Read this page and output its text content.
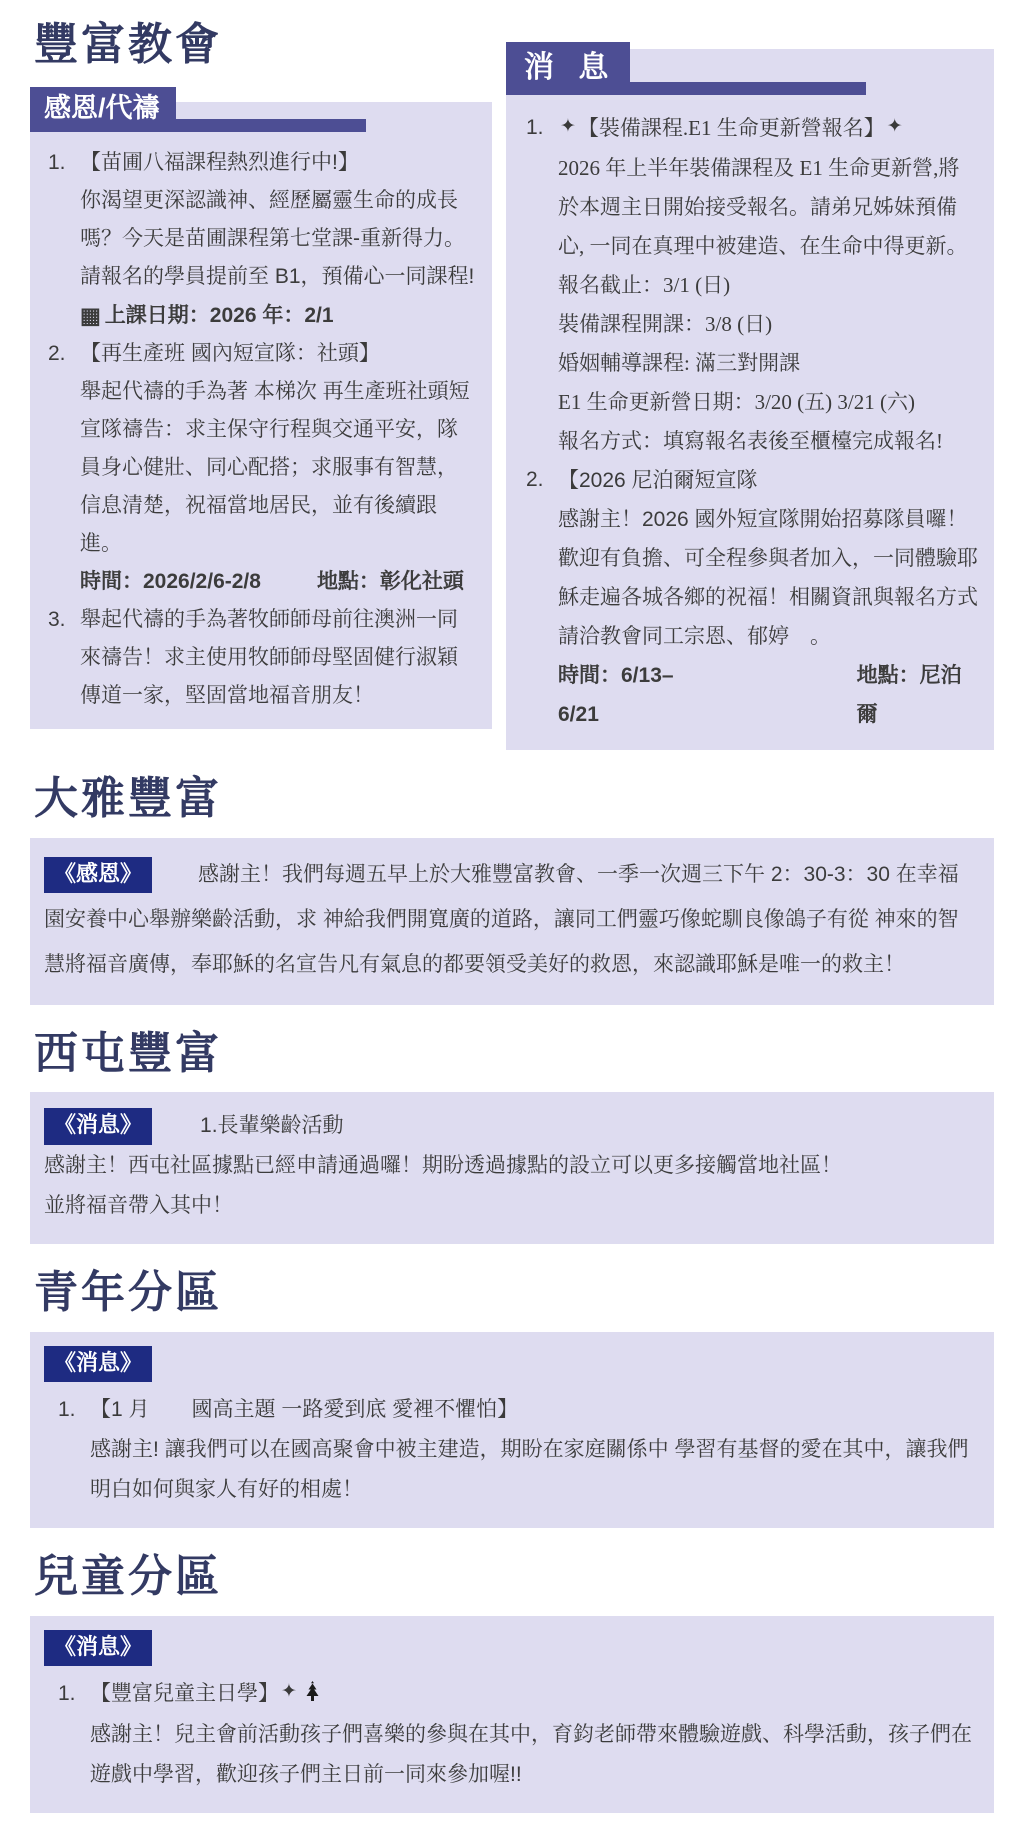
豐富教會
感恩/代禱
1. 【苗圃八福課程熱烈進行中!】

你渴望更深認識神、經歷屬靈生命的成長嗎？今天是苗圃課程第七堂課-重新得力。請報名的學員提前至 B1，預備心一同課程!

▦ 上課日期：2026 年：2/1
2. 【再生產班 國內短宣隊：社頭】

舉起代禱的手為著 本梯次 再生產班社頭短宣隊禱告：求主保守行程與交通平安，隊員身心健壯、同心配搭；求服事有智慧，信息清楚，祝福當地居民，並有後續跟進。

時間：2026/2/6-2/8	地點：彰化社頭
3. 舉起代禱的手為著牧師師母前往澳洲一同來禱告！求主使用牧師師母堅固健行淑穎傳道一家，堅固當地福音朋友！

消 息
1. ✦【裝備課程.E1 生命更新營報名】 ✦

2026 年上半年裝備課程及 E1 生命更新營,將於本週主日開始接受報名。請弟兄姊妹預備心, 一同在真理中被建造、在生命中得更新。

報名截止：3/1 (日)
裝備課程開課：3/8 (日)
婚姻輔導課程: 滿三對開課
E1 生命更新營日期：3/20 (五) 3/21 (六)
報名方式：填寫報名表後至櫃檯完成報名!
2. 【2026 尼泊爾短宣隊

感謝主！2026 國外短宣隊開始招募隊員囉！歡迎有負擔、可全程參與者加入，一同體驗耶穌走遍各城各鄉的祝福！相關資訊與報名方式請洽教會同工宗恩、郁婷　。

時間：6/13–6/21
地點：尼泊爾
大雅豐富

《感恩》	感謝主！我們每週五早上於大雅豐富教會、一季一次週三下午 2：30-3：30 在幸福園安養中心舉辦樂齡活動，求 神給我們開寬廣的道路，讓同工們靈巧像蛇馴良像鴿子有從 神來的智慧將福音廣傳，奉耶穌的名宣告凡有氣息的都要領受美好的救恩，來認識耶穌是唯一的救主！

西屯豐富
《消息》	1.長輩樂齡活動
感謝主！西屯社區據點已經申請通過囉！期盼透過據點的設立可以更多接觸當地社區！
並將福音帶入其中！
青年分區
《消息》
1. 【1 月　　國高主題 一路愛到底 愛裡不懼怕】

感謝主! 讓我們可以在國高聚會中被主建造，期盼在家庭關係中 學習有基督的愛在其中，讓我們明白如何與家人有好的相處！

兒童分區
《消息》
1. 【豐富兒童主日學】 ✦

感謝主！兒主會前活動孩子們喜樂的參與在其中，育鈞老師帶來體驗遊戲、科學活動，孩子們在遊戲中學習，歡迎孩子們主日前一同來參加喔!!
